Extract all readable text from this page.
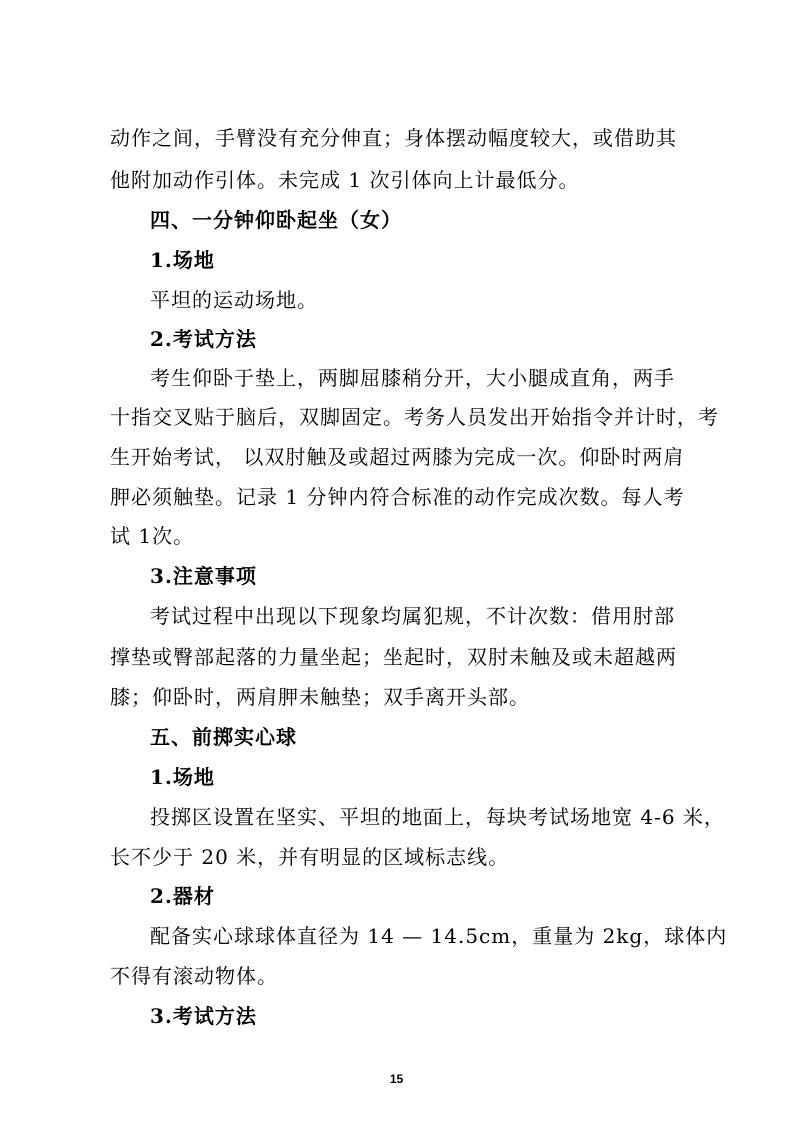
动作之间，手臂没有充分伸直；身体摆动幅度较大，或借助其
他附加动作引体。未完成 1 次引体向上计最低分。
四、一分钟仰卧起坐（女）
1.场地
平坦的运动场地。
2.考试方法
考生仰卧于垫上，两脚屈膝稍分开，大小腿成直角，两手
十指交叉贴于脑后，双脚固定。考务人员发出开始指令并计时，考
生开始考试， 以双肘触及或超过两膝为完成一次。仰卧时两肩
胛必须触垫。记录 1 分钟内符合标准的动作完成次数。每人考
试 1次。
3.注意事项
考试过程中出现以下现象均属犯规，不计次数：借用肘部
撑垫或臀部起落的力量坐起；坐起时，双肘未触及或未超越两
膝；仰卧时，两肩胛未触垫；双手离开头部。
五、前掷实心球
1.场地
投掷区设置在坚实、平坦的地面上，每块考试场地宽 4-6 米，
长不少于 20 米，并有明显的区域标志线。
2.器材
配备实心球球体直径为 14 — 14.5cm，重量为 2kg，球体内
不得有滚动物体。
3.考试方法
15
